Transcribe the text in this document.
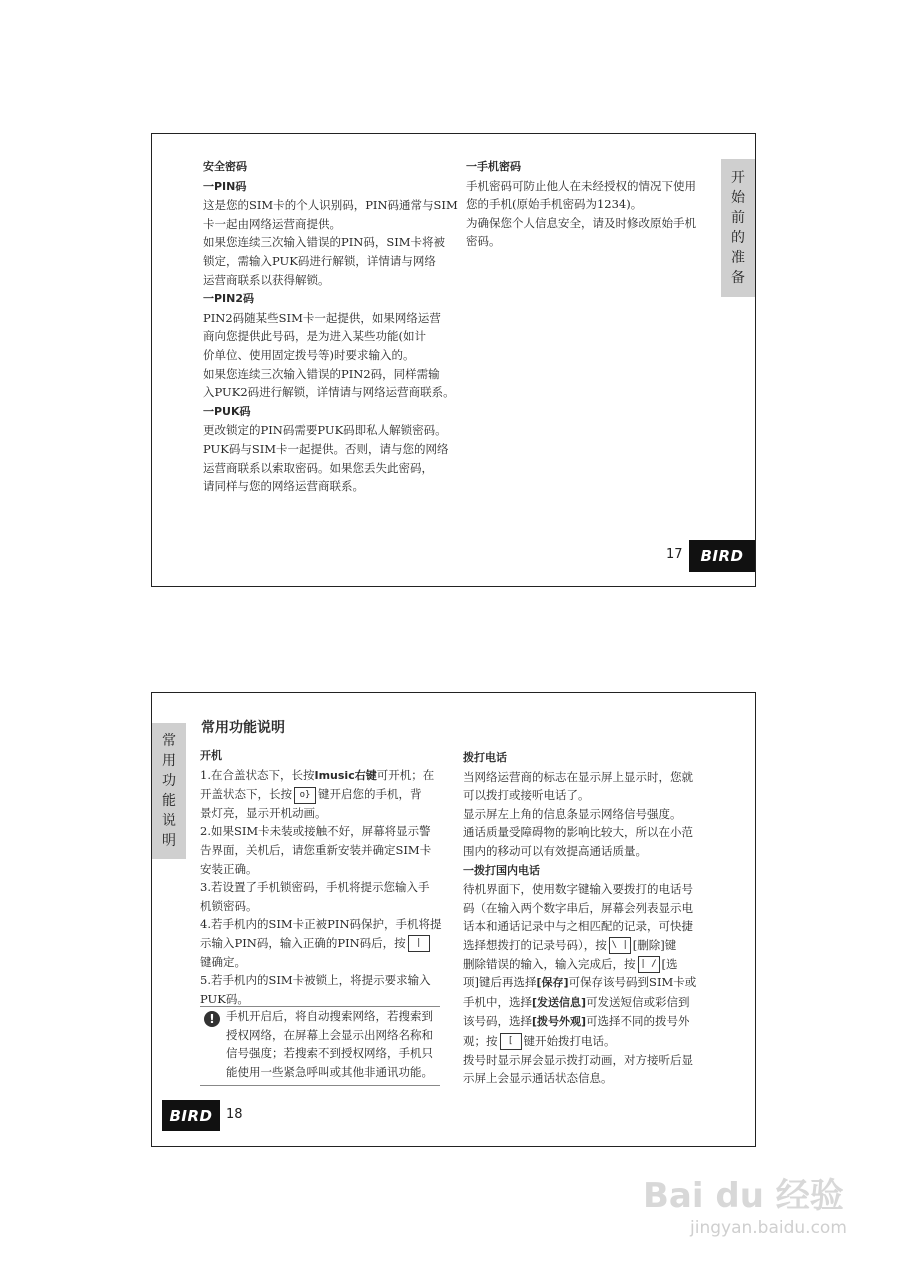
安全密码

一PIN码

这是您的SIM卡的个人识别码，PIN码通常与SIM

卡一起由网络运营商提供。

如果您连续三次输入错误的PIN码，SIM卡将被

锁定，需输入PUK码进行解锁，详情请与网络

运营商联系以获得解锁。

一PIN2码

PIN2码随某些SIM卡一起提供，如果网络运营

商向您提供此号码，是为进入某些功能(如计

价单位、使用固定拨号等)时要求输入的。

如果您连续三次输入错误的PIN2码，同样需输

入PUK2码进行解锁，详情请与网络运营商联系。

一PUK码

更改锁定的PIN码需要PUK码即私人解锁密码。

PUK码与SIM卡一起提供。否则，请与您的网络

运营商联系以索取密码。如果您丢失此密码，

请同样与您的网络运营商联系。

一手机密码

手机密码可防止他人在未经授权的情况下使用

您的手机(原始手机密码为1234)。

为确保您个人信息安全，请及时修改原始手机

密码。

开
始
前
的
准
备
17	BIRD
常
用
功
能
说
明
常用功能说明

开机

1.在合盖状态下，长按Imusic右键可开机；在

开盖状态下，长按 o} 键开启您的手机，背

景灯亮，显示开机动画。

2.如果SIM卡未装或接触不好，屏幕将显示警

告界面，关机后，请您重新安装并确定SIM卡

安装正确。

3.若设置了手机锁密码，手机将提示您输入手

机锁密码。

4.若手机内的SIM卡正被PIN码保护，手机将提

示输入PIN码，输入正确的PIN码后，按 |

键确定。

5.若手机内的SIM卡被锁上，将提示要求输入

PUK码。

! 手机开启后，将自动搜索网络，若搜索到
授权网络，在屏幕上会显示出网络名称和
信号强度；若搜索不到授权网络，手机只
能使用一些紧急呼叫或其他非通讯功能。

拨打电话

当网络运营商的标志在显示屏上显示时，您就

可以拨打或接听电话了。

显示屏左上角的信息条显示网络信号强度。

通话质量受障碍物的影响比较大，所以在小范

围内的移动可以有效提高通话质量。

一拨打国内电话

待机界面下，使用数字键输入要拨打的电话号

码（在输入两个数字串后，屏幕会列表显示电

话本和通话记录中与之相匹配的记录，可快捷

选择想拨打的记录号码），按 \ | [删除]键

删除错误的输入，输入完成后，按 | / [选

项]键后再选择[保存]可保存该号码到SIM卡或

手机中，选择[发送信息]可发送短信或彩信到

该号码，选择[拨号外观]可选择不同的拨号外

观；按 [ 键开始拨打电话。

拨号时显示屏会显示拨打动画，对方接听后显

示屏上会显示通话状态信息。

BIRD	18
Bai du 经验
jingyan.baidu.com
